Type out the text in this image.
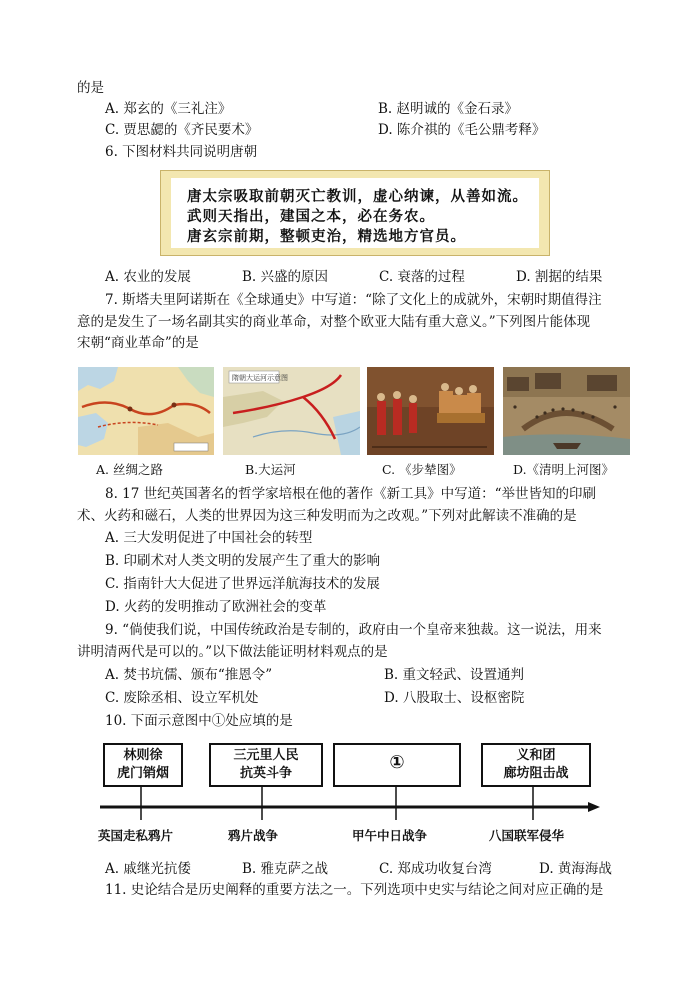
的是
A. 郑玄的《三礼注》	B. 赵明诚的《金石录》
C. 贾思勰的《齐民要术》	D. 陈介祺的《毛公鼎考释》
6. 下图材料共同说明唐朝
唐太宗吸取前朝灭亡教训，虚心纳谏，从善如流。
武则天指出，建国之本，必在务农。
唐玄宗前期，整顿吏治，精选地方官员。
A. 农业的发展	B. 兴盛的原因	C. 衰落的过程	D. 割据的结果
7. 斯塔夫里阿诺斯在《全球通史》中写道：“除了文化上的成就外，宋朝时期值得注
意的是发生了一场名副其实的商业革命，对整个欧亚大陆有重大意义。”下列图片能体现
宋朝“商业革命”的是
隋朝大运河示意图
A. 丝绸之路	B.大运河	C. 《步辇图》	D.《清明上河图》
8. 17 世纪英国著名的哲学家培根在他的著作《新工具》中写道：“举世皆知的印刷
术、火药和磁石，人类的世界因为这三种发明而为之改观。”下列对此解读不准确的是
A. 三大发明促进了中国社会的转型
B. 印刷术对人类文明的发展产生了重大的影响
C. 指南针大大促进了世界远洋航海技术的发展
D. 火药的发明推动了欧洲社会的变革
9. “倘使我们说，中国传统政治是专制的，政府由一个皇帝来独裁。这一说法，用来
讲明清两代是可以的。”以下做法能证明材料观点的是
A. 焚书坑儒、颁布“推恩令”	B. 重文轻武、设置通判
C. 废除丞相、设立军机处	D. 八股取士、设枢密院
10. 下面示意图中①处应填的是
林则徐
虎门销烟
三元里人民
抗英斗争
①	义和团
廊坊阻击战
英国走私鸦片	鸦片战争	甲午中日战争	八国联军侵华
A. 戚继光抗倭	B. 雅克萨之战	C. 郑成功收复台湾	D. 黄海海战
11. 史论结合是历史阐释的重要方法之一。下列选项中史实与结论之间对应正确的是
